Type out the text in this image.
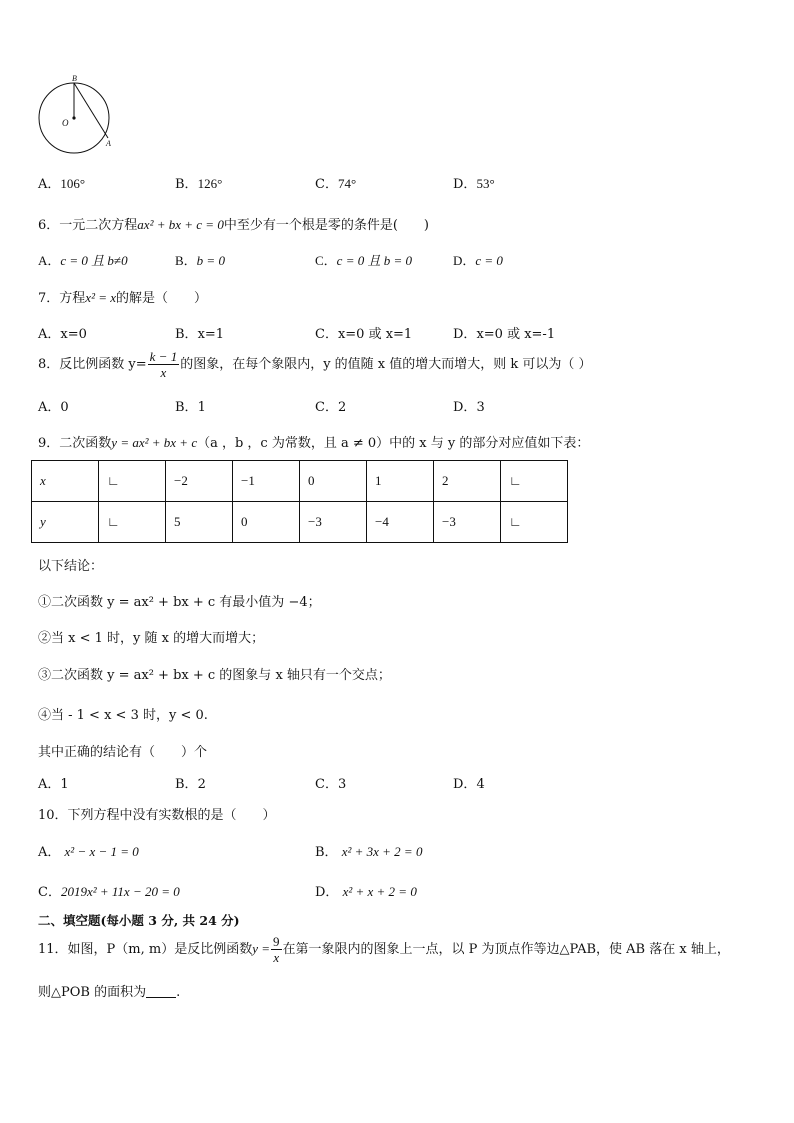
B
O
A
A．106°	B．126°	C．74°	D．53°
6．一元二次方程ax² + bx + c = 0中至少有一个根是零的条件是(　　)
A．c = 0 且 b≠0	B．b = 0	C．c = 0 且 b = 0	D．c = 0
7．方程x² = x的解是（　　）
A．x=0	B．x=1	C．x=0 或 x=1	D．x=0 或 x=-1
8．反比例函数 $y= \frac{k - 1}{x}$ 的图象，在每个象限内，y 的值随 x 值的增大而增大，则 k 可以为（ ）
A．0	B．1	C．2	D．3
9．二次函数y = ax² + bx + c（a ，b ，c 为常数，且 a ≠ 0）中的 x 与 y 的部分对应值如下表：
x	∟	−2	−1	0	1	2	∟
y	∟	5	0	−3	−4	−3	∟
以下结论：
①二次函数 y = ax² + bx + c 有最小值为 −4；
②当 x < 1 时，y 随 x 的增大而增大；
③二次函数 y = ax² + bx + c 的图象与 x 轴只有一个交点；
④当 - 1 < x < 3 时，y < 0.
其中正确的结论有（　　）个
A．1	B．2	C．3	D．4
10．下列方程中没有实数根的是（　　）
A． x² − x − 1 = 0	B． x² + 3x + 2 = 0
C．2019x² + 11x − 20 = 0	D． x² + x + 2 = 0
二、填空题(每小题 3 分, 共 24 分)
11．如图，P（m, m）是反比例函数$y = \frac{9}{x}$ 在第一象限内的图象上一点，以 P 为顶点作等边△PAB，使 AB 落在 x 轴上，
则△POB 的面积为 .
